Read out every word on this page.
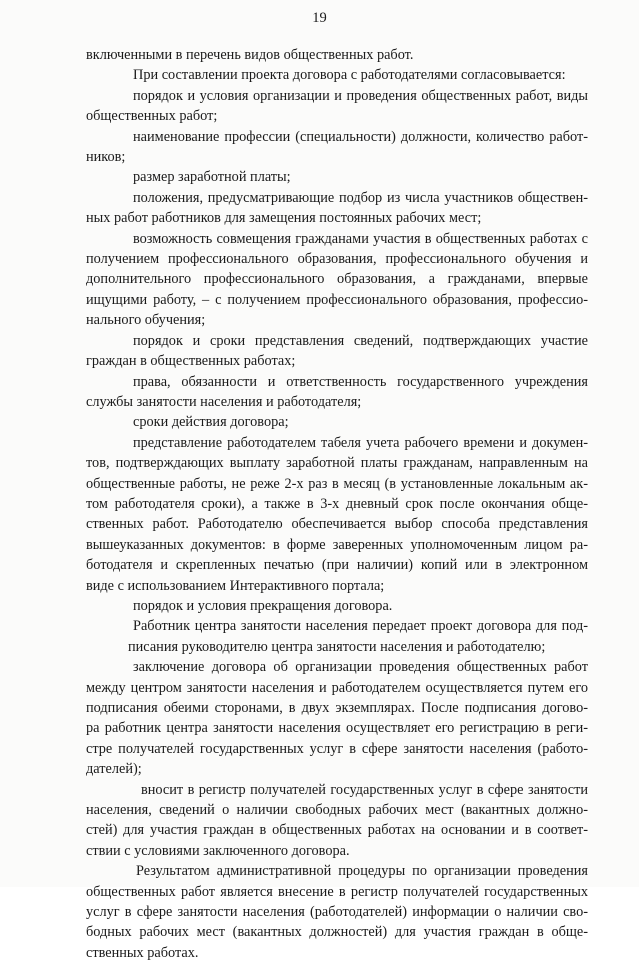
19
включенными в перечень видов общественных работ.
При составлении проекта договора с работодателями согласовывается:
порядок и условия организации и проведения общественных работ, виды
общественных работ;
наименование профессии (специальности) должности, количество работ-
ников;
размер заработной платы;
положения, предусматривающие подбор из числа участников обществен-
ных работ работников для замещения постоянных рабочих мест;
возможность совмещения гражданами участия в общественных работах с
получением профессионального образования, профессионального обучения и
дополнительного профессионального образования, а гражданами, впервые
ищущими работу, – с получением профессионального образования, профессио-
нального обучения;
порядок и сроки представления сведений, подтверждающих участие
граждан в общественных работах;
права, обязанности и ответственность государственного учреждения
службы занятости населения и работодателя;
сроки действия договора;
представление работодателем табеля учета рабочего времени и докумен-
тов, подтверждающих выплату заработной платы гражданам, направленным на
общественные работы, не реже 2-х раз в месяц (в установленные локальным ак-
том работодателя сроки), а также в 3-х дневный срок после окончания обще-
ственных работ. Работодателю обеспечивается выбор способа представления
вышеуказанных документов: в форме заверенных уполномоченным лицом ра-
ботодателя и скрепленных печатью (при наличии) копий или в электронном
виде с использованием Интерактивного портала;
порядок и условия прекращения договора.
Работник центра занятости населения передает проект договора для под-
писания руководителю центра занятости населения и работодателю;
заключение договора об организации проведения общественных работ
между центром занятости населения и работодателем осуществляется путем его
подписания обеими сторонами, в двух экземплярах. После подписания догово-
ра работник центра занятости населения осуществляет его регистрацию в реги-
стре получателей государственных услуг в сфере занятости населения (работо-
дателей);
вносит в регистр получателей государственных услуг в сфере занятости
населения, сведений о наличии свободных рабочих мест (вакантных должно-
стей) для участия граждан в общественных работах на основании и в соответ-
ствии с условиями заключенного договора.
Результатом административной процедуры по организации проведения
общественных работ является внесение в регистр получателей государственных
услуг в сфере занятости населения (работодателей) информации о наличии сво-
бодных рабочих мест (вакантных должностей) для участия граждан в обще-
ственных работах.
